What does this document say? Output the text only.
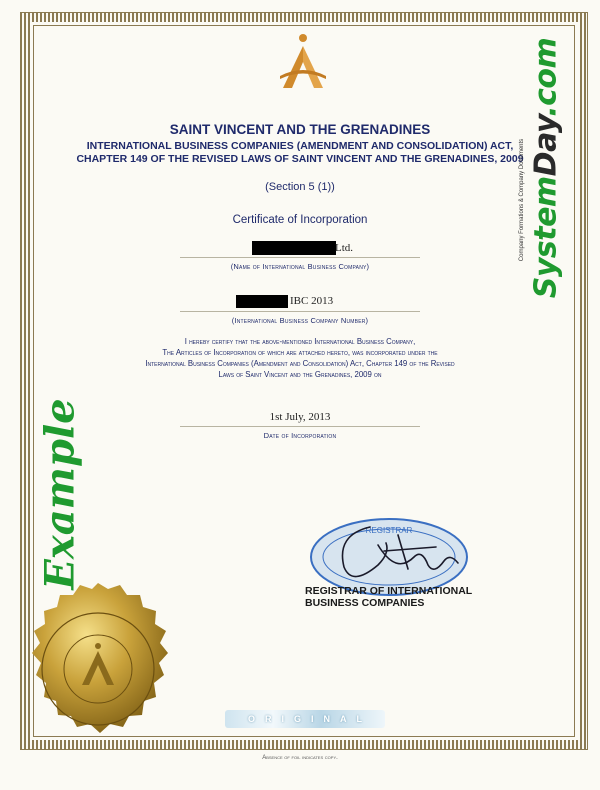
SAINT VINCENT AND THE GRENADINES
INTERNATIONAL BUSINESS COMPANIES (AMENDMENT AND CONSOLIDATION) ACT,
CHAPTER 149 OF THE REVISED LAWS OF SAINT VINCENT AND THE GRENADINES, 2009
(Section 5 (1))
Certificate of Incorporation
Ltd.
(Name of International Business Company)
IBC 2013
(International Business Company Number)
I hereby certify that the above-mentioned International Business Company,
The Articles of Incorporation of which are attached hereto, was incorporated under the
International Business Companies (Amendment and Consolidation) Act, Chapter 149 of the Revised
Laws of Saint Vincent and the Grenadines, 2009 on
1st July, 2013
Date of Incorporation
REGISTRAR
REGISTRAR OF INTERNATIONAL
BUSINESS COMPANIES
Example
SystemDay.com
Company Formations & Company Documents
O R I G I N A L
Absence of foil indicates copy.
